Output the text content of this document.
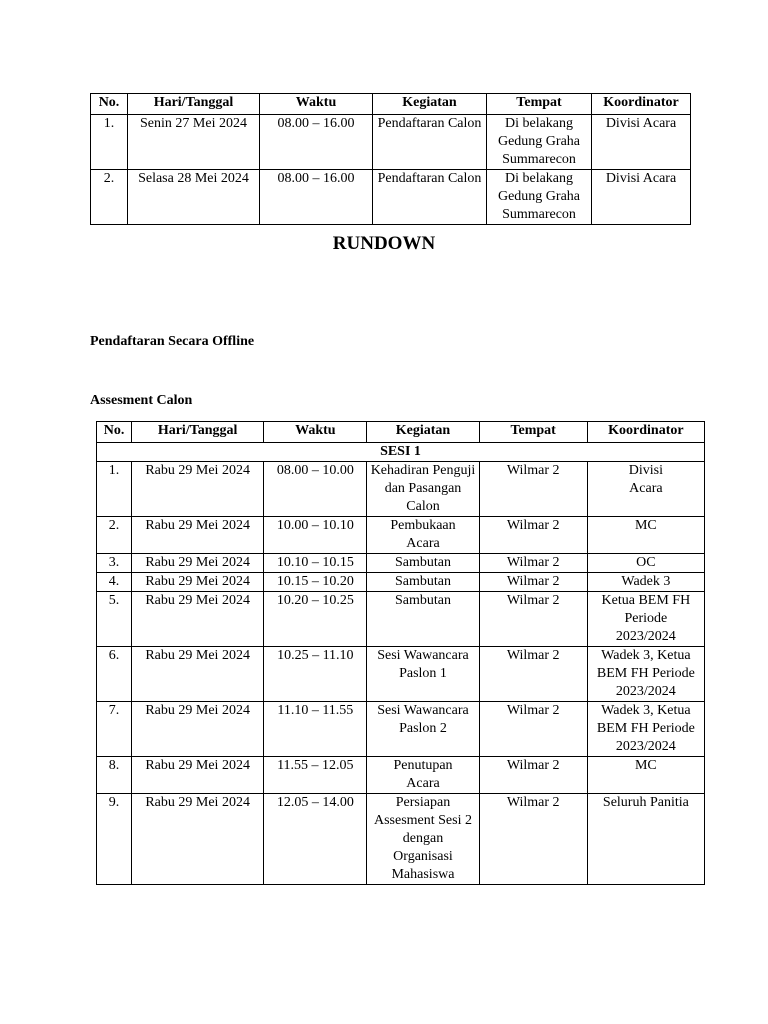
No.	Hari/Tanggal	Waktu	Kegiatan	Tempat	Koordinator
1.	Senin 27 Mei 2024	08.00 – 16.00	Pendaftaran Calon	Di belakang Gedung Graha Summarecon	Divisi Acara
2.	Selasa 28 Mei 2024	08.00 – 16.00	Pendaftaran Calon	Di belakang Gedung Graha Summarecon	Divisi Acara
RUNDOWN
Pendaftaran Secara Offline
Assesment Calon
No.	Hari/Tanggal	Waktu	Kegiatan	Tempat	Koordinator
SESI 1					
1.	Rabu 29 Mei 2024	08.00 – 10.00	Kehadiran Penguji dan Pasangan Calon	Wilmar 2	Divisi Acara
2.	Rabu 29 Mei 2024	10.00 – 10.10	Pembukaan Acara	Wilmar 2	MC
3.	Rabu 29 Mei 2024	10.10 – 10.15	Sambutan	Wilmar 2	OC
4.	Rabu 29 Mei 2024	10.15 – 10.20	Sambutan	Wilmar 2	Wadek 3
5.	Rabu 29 Mei 2024	10.20 – 10.25	Sambutan	Wilmar 2	Ketua BEM FH Periode 2023/2024
6.	Rabu 29 Mei 2024	10.25 – 11.10	Sesi Wawancara Paslon 1	Wilmar 2	Wadek 3, Ketua BEM FH Periode 2023/2024
7.	Rabu 29 Mei 2024	11.10 – 11.55	Sesi Wawancara Paslon 2	Wilmar 2	Wadek 3, Ketua BEM FH Periode 2023/2024
8.	Rabu 29 Mei 2024	11.55 – 12.05	Penutupan Acara	Wilmar 2	MC
9.	Rabu 29 Mei 2024	12.05 – 14.00	Persiapan Assesment Sesi 2 dengan Organisasi Mahasiswa	Wilmar 2	Seluruh Panitia
